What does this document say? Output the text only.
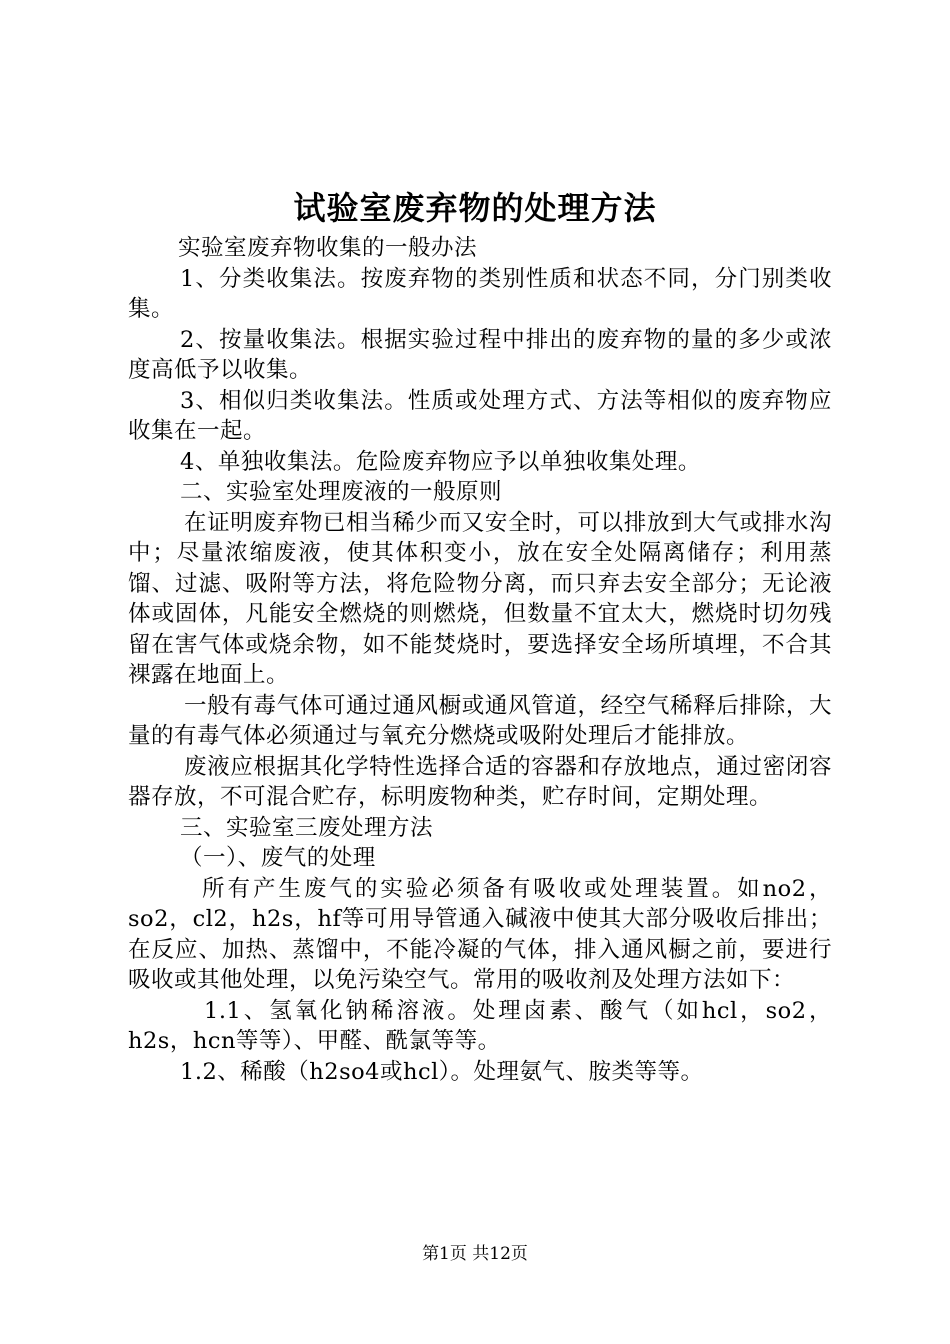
试验室废弃物的处理方法

实验室废弃物收集的一般办法

1、分类收集法。按废弃物的类别性质和状态不同，分门别类收集。

2、按量收集法。根据实验过程中排出的废弃物的量的多少或浓度高低予以收集。

3、相似归类收集法。性质或处理方式、方法等相似的废弃物应收集在一起。

4、单独收集法。危险废弃物应予以单独收集处理。

二、实验室处理废液的一般原则

在证明废弃物已相当稀少而又安全时，可以排放到大气或排水沟中；尽量浓缩废液，使其体积变小，放在安全处隔离储存；利用蒸馏、过滤、吸附等方法，将危险物分离，而只弃去安全部分；无论液体或固体，凡能安全燃烧的则燃烧，但数量不宜太大，燃烧时切勿残留在害气体或烧余物，如不能焚烧时，要选择安全场所填埋，不合其裸露在地面上。

一般有毒气体可通过通风橱或通风管道，经空气稀释后排除，大量的有毒气体必须通过与氧充分燃烧或吸附处理后才能排放。

废液应根据其化学特性选择合适的容器和存放地点，通过密闭容器存放，不可混合贮存，标明废物种类，贮存时间，定期处理。

三、实验室三废处理方法

（一）、废气的处理

所有产生废气的实验必须备有吸收或处理装置。如no2，so2，cl2，h2s，hf等可用导管通入碱液中使其大部分吸收后排出；在反应、加热、蒸馏中，不能冷凝的气体，排入通风橱之前，要进行吸收或其他处理，以免污染空气。常用的吸收剂及处理方法如下：

1.1、氢氧化钠稀溶液。处理卤素、酸气（如hcl，so2，h2s，hcn等等）、甲醛、酰氯等等。

1.2、稀酸（h2so4或hcl）。处理氨气、胺类等等。

第1页 共12页
